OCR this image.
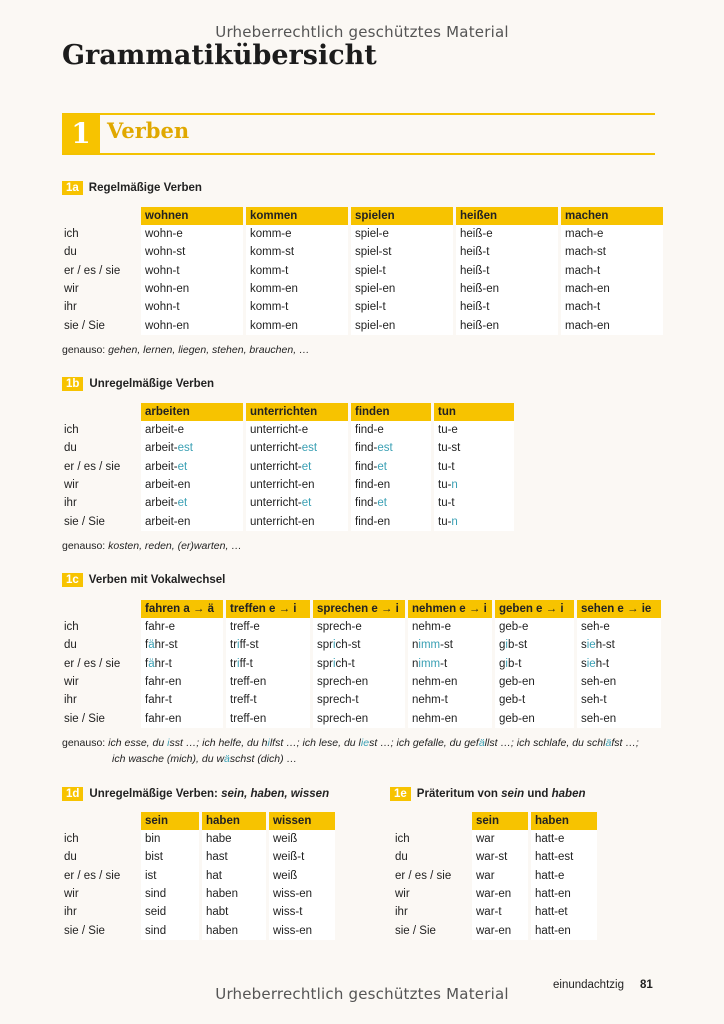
Urheberrechtlich geschütztes Material
Grammatikübersicht
1 Verben
1a Regelmäßige Verben
	wohnen	kommen	spielen	heißen	machen
ich	wohn-e	komm-e	spiel-e	heiß-e	mach-e
du	wohn-st	komm-st	spiel-st	heiß-t	mach-st
er / es / sie	wohn-t	komm-t	spiel-t	heiß-t	mach-t
wir	wohn-en	komm-en	spiel-en	heiß-en	mach-en
ihr	wohn-t	komm-t	spiel-t	heiß-t	mach-t
sie / Sie	wohn-en	komm-en	spiel-en	heiß-en	mach-en
genauso: gehen, lernen, liegen, stehen, brauchen, …
1b Unregelmäßige Verben
	arbeiten	unterrichten	finden	tun
ich	arbeit-e	unterricht-e	find-e	tu-e
du	arbeit-est	unterricht-est	find-est	tu-st
er / es / sie	arbeit-et	unterricht-et	find-et	tu-t
wir	arbeit-en	unterricht-en	find-en	tu-n
ihr	arbeit-et	unterricht-et	find-et	tu-t
sie / Sie	arbeit-en	unterricht-en	find-en	tu-n
genauso: kosten, reden, (er)warten, …
1c Verben mit Vokalwechsel
	fahren a → ä	treffen e → i	sprechen e → i	nehmen e → i	geben e → i	sehen e → ie
ich	fahr-e	treff-e	sprech-e	nehm-e	geb-e	seh-e
du	fähr-st	triff-st	sprich-st	nimm-st	gib-st	sieh-st
er / es / sie	fähr-t	triff-t	sprich-t	nimm-t	gib-t	sieh-t
wir	fahr-en	treff-en	sprech-en	nehm-en	geb-en	seh-en
ihr	fahr-t	treff-t	sprech-t	nehm-t	geb-t	seh-t
sie / Sie	fahr-en	treff-en	sprech-en	nehm-en	geb-en	seh-en
genauso: ich esse, du isst …; ich helfe, du hilfst …; ich lese, du liest …; ich gefalle, du gefällst …; ich schlafe, du schläfst …;
ich wasche (mich), du wäschst (dich) …
1d Unregelmäßige Verben: sein, haben, wissen
	sein	haben	wissen
ich	bin	habe	weiß
du	bist	hast	weiß-t
er / es / sie	ist	hat	weiß
wir	sind	haben	wiss-en
ihr	seid	habt	wiss-t
sie / Sie	sind	haben	wiss-en
1e Präteritum von sein und haben
	sein	haben
ich	war	hatt-e
du	war-st	hatt-est
er / es / sie	war	hatt-e
wir	war-en	hatt-en
ihr	war-t	hatt-et
sie / Sie	war-en	hatt-en
einundachtzig 81
Urheberrechtlich geschütztes Material
